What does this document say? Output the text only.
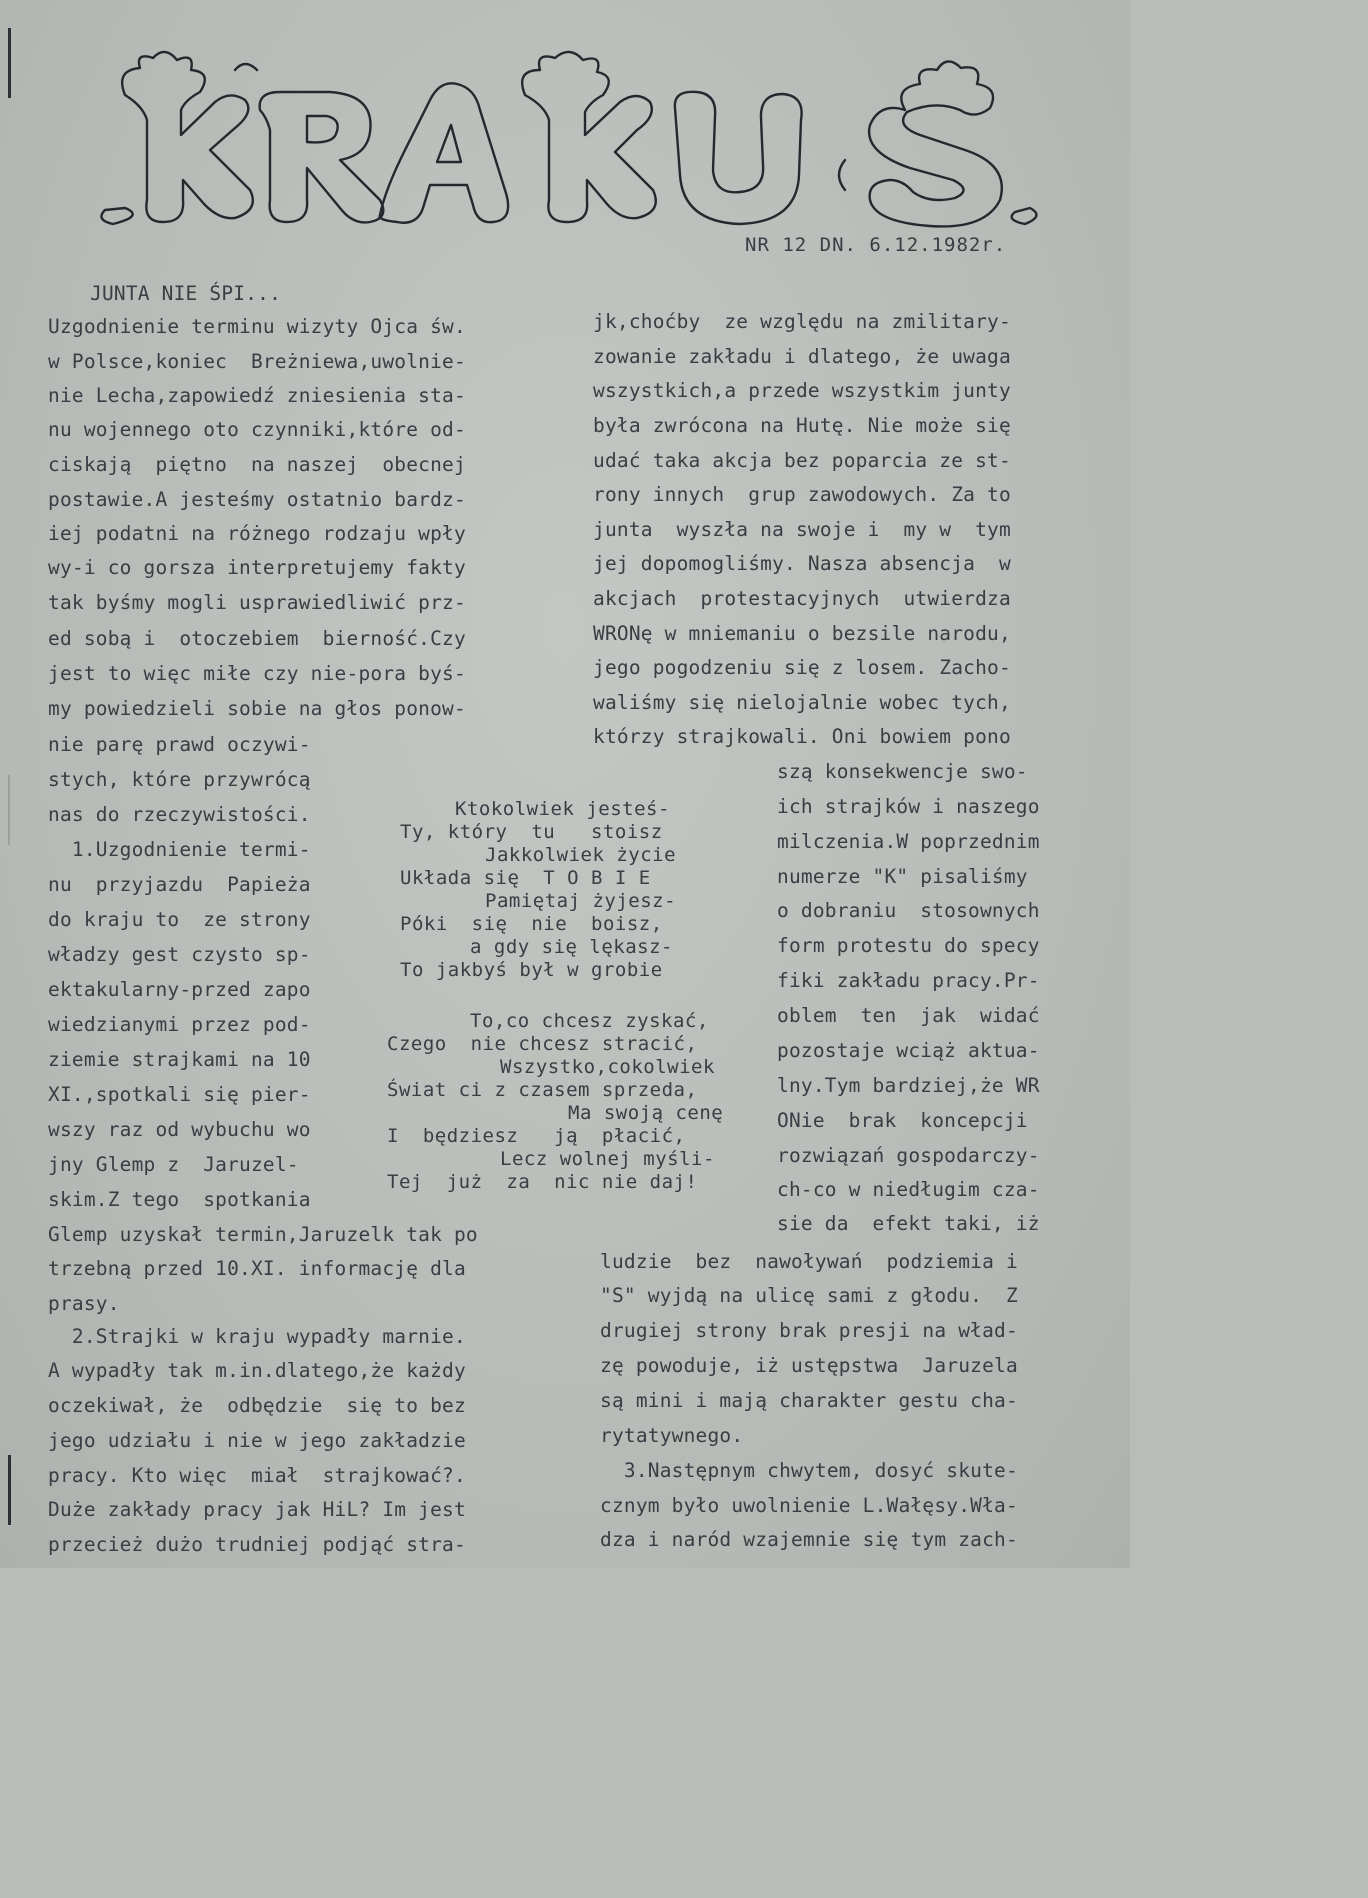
NR 12 DN. 6.12.1982r.
JUNTA NIE ŚPI...
Uzgodnienie terminu wizyty Ojca św.
w Polsce,koniec  Breżniewa,uwolnie-
nie Lecha,zapowiedź zniesienia sta-
nu wojennego oto czynniki,które od-
ciskają  piętno  na naszej  obecnej
postawie.A jesteśmy ostatnio bardz-
iej podatni na różnego rodzaju wpły
wy-i co gorsza interpretujemy fakty
tak byśmy mogli usprawiedliwić prz-
ed sobą i  otoczebiem  bierność.Czy
jest to więc miłe czy nie-pora byś-
my powiedzieli sobie na głos ponow-
nie parę prawd oczywi-
stych, które przywrócą
nas do rzeczywistości.
1.Uzgodnienie termi-
nu  przyjazdu  Papieża
do kraju to  ze strony
władzy gest czysto sp-
ektakularny-przed zapo
wiedzianymi przez pod-
ziemie strajkami na 10
XI.,spotkali się pier-
wszy raz od wybuchu wo
jny Glemp z  Jaruzel-
skim.Z tego  spotkania
Glemp uzyskał termin,Jaruzelk tak po
trzebną przed 10.XI. informację dla
prasy.
2.Strajki w kraju wypadły marnie.
A wypadły tak m.in.dlatego,że każdy
oczekiwał, że  odbędzie  się to bez
jego udziału i nie w jego zakładzie
pracy. Kto więc  miał  strajkować?.
Duże zakłady pracy jak HiL? Im jest
przecież dużo trudniej podjąć stra-
jk,choćby  ze względu na zmilitary-
zowanie zakładu i dlatego, że uwaga
wszystkich,a przede wszystkim junty
była zwrócona na Hutę. Nie może się
udać taka akcja bez poparcia ze st-
rony innych  grup zawodowych. Za to
junta  wyszła na swoje i  my w  tym
jej dopomogliśmy. Nasza absencja  w
akcjach  protestacyjnych  utwierdza
WRONę w mniemaniu o bezsile narodu,
jego pogodzeniu się z losem. Zacho-
waliśmy się nielojalnie wobec tych,
którzy strajkowali. Oni bowiem pono
szą konsekwencje swo-
ich strajków i naszego
milczenia.W poprzednim
numerze "K" pisaliśmy
o dobraniu  stosownych
form protestu do specy
fiki zakładu pracy.Pr-
oblem  ten  jak  widać
pozostaje wciąż aktua-
lny.Tym bardziej,że WR
ONie  brak  koncepcji
rozwiązań gospodarczy-
ch-co w niedługim cza-
sie da  efekt taki, iż
ludzie  bez  nawoływań  podziemia i
"S" wyjdą na ulicę sami z głodu.  Z
drugiej strony brak presji na wład-
zę powoduje, iż ustępstwa  Jaruzela
są mini i mają charakter gestu cha-
rytatywnego.
3.Następnym chwytem, dosyć skute-
cznym było uwolnienie L.Wałęsy.Wła-
dza i naród wzajemnie się tym zach-
Ktokolwiek jesteś-
Ty, który  tu   stoisz
Jakkolwiek życie
Układa się  T O B I E
Pamiętaj żyjesz-
Póki  się  nie  boisz,
a gdy się lękasz-
To jakbyś był w grobie
To,co chcesz zyskać,
Czego  nie chcesz stracić,
Wszystko,cokolwiek
Świat ci z czasem sprzeda,
Ma swoją cenę
I  będziesz   ją  płacić,
Lecz wolnej myśli-
Tej  już  za  nic nie daj!
